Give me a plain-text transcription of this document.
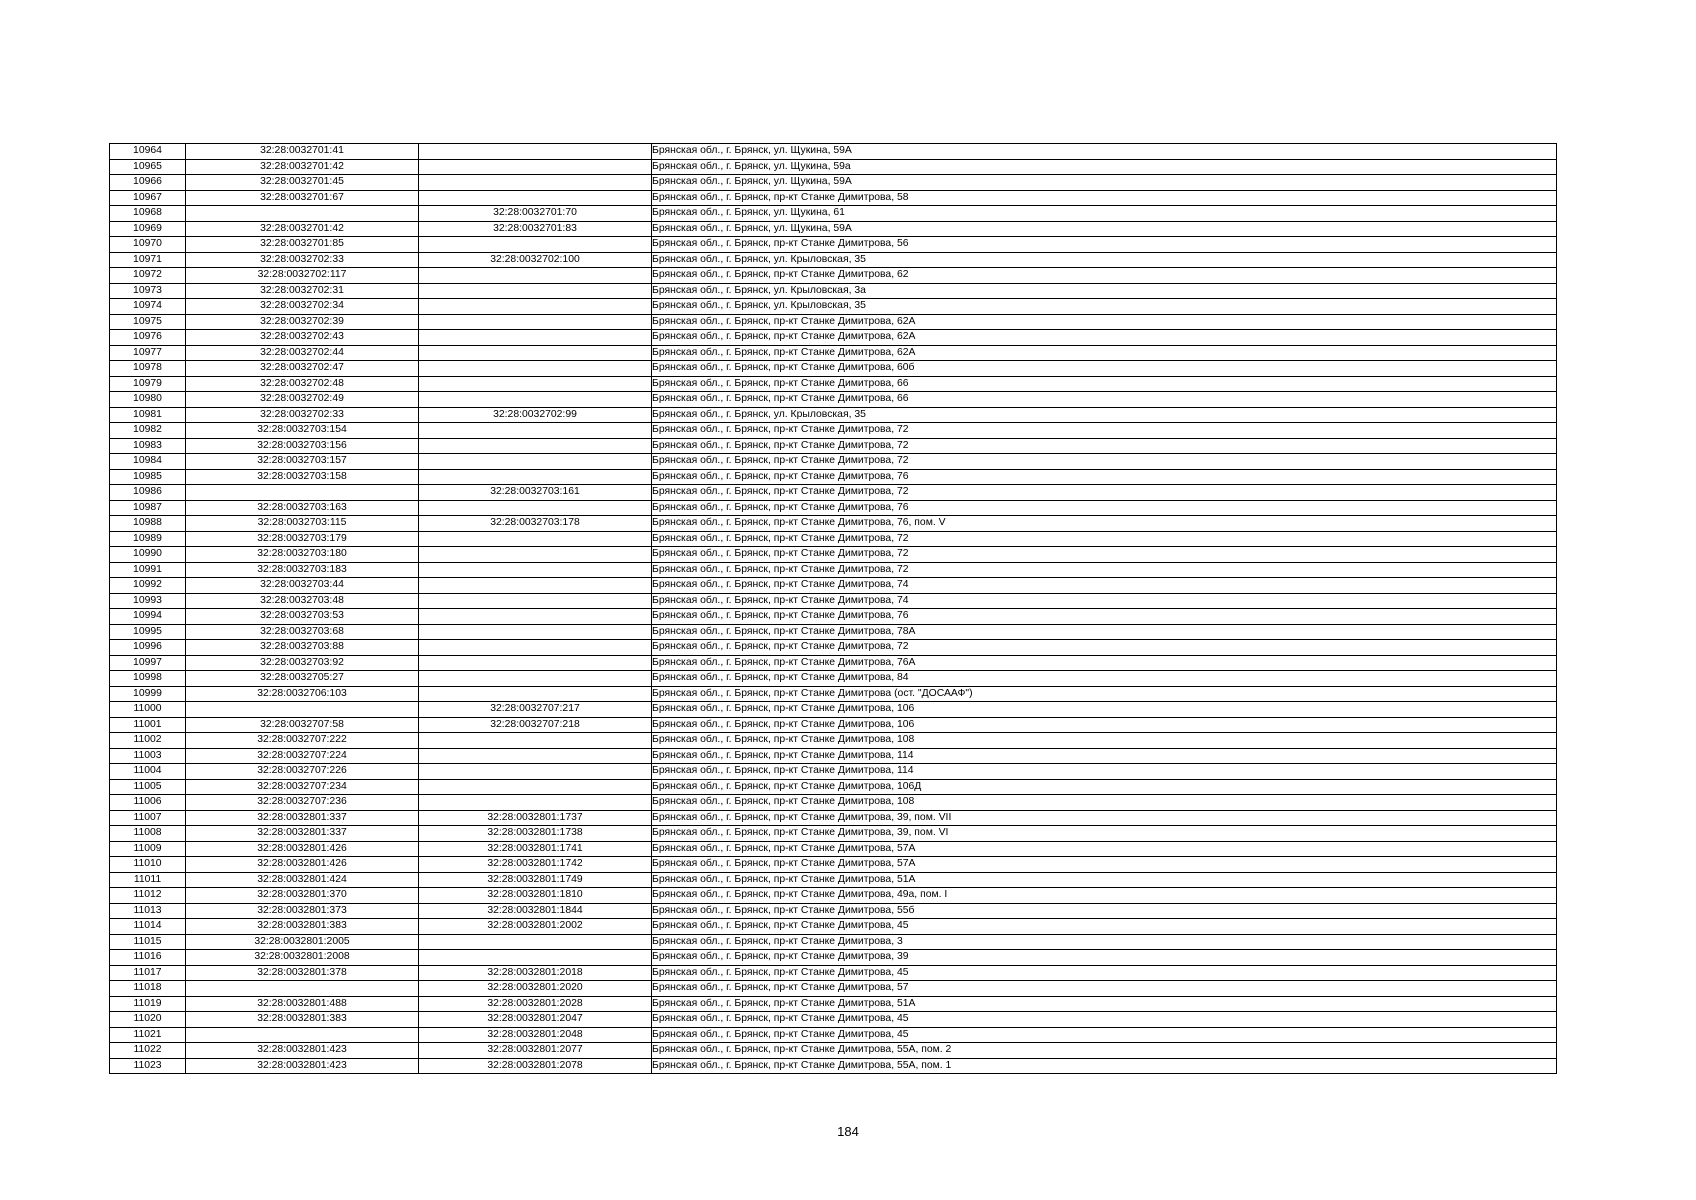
10964	32:28:0032701:41		Брянская обл., г. Брянск, ул. Щукина, 59А
10965	32:28:0032701:42		Брянская обл., г. Брянск, ул. Щукина, 59а
10966	32:28:0032701:45		Брянская обл., г. Брянск, ул. Щукина, 59А
10967	32:28:0032701:67		Брянская обл., г. Брянск, пр-кт Станке Димитрова, 58
10968		32:28:0032701:70	Брянская обл., г. Брянск, ул. Щукина, 61
10969	32:28:0032701:42	32:28:0032701:83	Брянская обл., г. Брянск, ул. Щукина, 59А
10970	32:28:0032701:85		Брянская обл., г. Брянск, пр-кт Станке Димитрова, 56
10971	32:28:0032702:33	32:28:0032702:100	Брянская обл., г. Брянск, ул. Крыловская, 35
10972	32:28:0032702:117		Брянская обл., г. Брянск, пр-кт Станке Димитрова, 62
10973	32:28:0032702:31		Брянская обл., г. Брянск, ул. Крыловская, 3а
10974	32:28:0032702:34		Брянская обл., г. Брянск, ул. Крыловская, 35
10975	32:28:0032702:39		Брянская обл., г. Брянск, пр-кт Станке Димитрова, 62А
10976	32:28:0032702:43		Брянская обл., г. Брянск, пр-кт Станке Димитрова, 62А
10977	32:28:0032702:44		Брянская обл., г. Брянск, пр-кт Станке Димитрова, 62А
10978	32:28:0032702:47		Брянская обл., г. Брянск, пр-кт Станке Димитрова, 60б
10979	32:28:0032702:48		Брянская обл., г. Брянск, пр-кт Станке Димитрова, 66
10980	32:28:0032702:49		Брянская обл., г. Брянск, пр-кт Станке Димитрова, 66
10981	32:28:0032702:33	32:28:0032702:99	Брянская обл., г. Брянск, ул. Крыловская, 35
10982	32:28:0032703:154		Брянская обл., г. Брянск, пр-кт Станке Димитрова, 72
10983	32:28:0032703:156		Брянская обл., г. Брянск, пр-кт Станке Димитрова, 72
10984	32:28:0032703:157		Брянская обл., г. Брянск, пр-кт Станке Димитрова, 72
10985	32:28:0032703:158		Брянская обл., г. Брянск, пр-кт Станке Димитрова, 76
10986		32:28:0032703:161	Брянская обл., г. Брянск, пр-кт Станке Димитрова, 72
10987	32:28:0032703:163		Брянская обл., г. Брянск, пр-кт Станке Димитрова, 76
10988	32:28:0032703:115	32:28:0032703:178	Брянская обл., г. Брянск, пр-кт Станке Димитрова, 76, пом. V
10989	32:28:0032703:179		Брянская обл., г. Брянск, пр-кт Станке Димитрова, 72
10990	32:28:0032703:180		Брянская обл., г. Брянск, пр-кт Станке Димитрова, 72
10991	32:28:0032703:183		Брянская обл., г. Брянск, пр-кт Станке Димитрова, 72
10992	32:28:0032703:44		Брянская обл., г. Брянск, пр-кт Станке Димитрова, 74
10993	32:28:0032703:48		Брянская обл., г. Брянск, пр-кт Станке Димитрова, 74
10994	32:28:0032703:53		Брянская обл., г. Брянск, пр-кт Станке Димитрова, 76
10995	32:28:0032703:68		Брянская обл., г. Брянск, пр-кт Станке Димитрова, 78А
10996	32:28:0032703:88		Брянская обл., г. Брянск, пр-кт Станке Димитрова, 72
10997	32:28:0032703:92		Брянская обл., г. Брянск, пр-кт Станке Димитрова, 76А
10998	32:28:0032705:27		Брянская обл., г. Брянск, пр-кт Станке Димитрова, 84
10999	32:28:0032706:103		Брянская обл., г. Брянск, пр-кт Станке Димитрова (ост. "ДОСААФ")
11000		32:28:0032707:217	Брянская обл., г. Брянск, пр-кт Станке Димитрова, 106
11001	32:28:0032707:58	32:28:0032707:218	Брянская обл., г. Брянск, пр-кт Станке Димитрова, 106
11002	32:28:0032707:222		Брянская обл., г. Брянск, пр-кт Станке Димитрова, 108
11003	32:28:0032707:224		Брянская обл., г. Брянск, пр-кт Станке Димитрова, 114
11004	32:28:0032707:226		Брянская обл., г. Брянск, пр-кт Станке Димитрова, 114
11005	32:28:0032707:234		Брянская обл., г. Брянск, пр-кт Станке Димитрова, 106Д
11006	32:28:0032707:236		Брянская обл., г. Брянск, пр-кт Станке Димитрова, 108
11007	32:28:0032801:337	32:28:0032801:1737	Брянская обл., г. Брянск, пр-кт Станке Димитрова, 39, пом. VII
11008	32:28:0032801:337	32:28:0032801:1738	Брянская обл., г. Брянск, пр-кт Станке Димитрова, 39, пом. VI
11009	32:28:0032801:426	32:28:0032801:1741	Брянская обл., г. Брянск, пр-кт Станке Димитрова, 57А
11010	32:28:0032801:426	32:28:0032801:1742	Брянская обл., г. Брянск, пр-кт Станке Димитрова, 57А
11011	32:28:0032801:424	32:28:0032801:1749	Брянская обл., г. Брянск, пр-кт Станке Димитрова, 51А
11012	32:28:0032801:370	32:28:0032801:1810	Брянская обл., г. Брянск, пр-кт Станке Димитрова, 49а, пом. I
11013	32:28:0032801:373	32:28:0032801:1844	Брянская обл., г. Брянск, пр-кт Станке Димитрова, 55б
11014	32:28:0032801:383	32:28:0032801:2002	Брянская обл., г. Брянск, пр-кт Станке Димитрова, 45
11015	32:28:0032801:2005		Брянская обл., г. Брянск, пр-кт Станке Димитрова, 3
11016	32:28:0032801:2008		Брянская обл., г. Брянск, пр-кт Станке Димитрова, 39
11017	32:28:0032801:378	32:28:0032801:2018	Брянская обл., г. Брянск, пр-кт Станке Димитрова, 45
11018		32:28:0032801:2020	Брянская обл., г. Брянск, пр-кт Станке Димитрова, 57
11019	32:28:0032801:488	32:28:0032801:2028	Брянская обл., г. Брянск, пр-кт Станке Димитрова, 51А
11020	32:28:0032801:383	32:28:0032801:2047	Брянская обл., г. Брянск, пр-кт Станке Димитрова, 45
11021		32:28:0032801:2048	Брянская обл., г. Брянск, пр-кт Станке Димитрова, 45
11022	32:28:0032801:423	32:28:0032801:2077	Брянская обл., г. Брянск, пр-кт Станке Димитрова, 55А, пом. 2
11023	32:28:0032801:423	32:28:0032801:2078	Брянская обл., г. Брянск, пр-кт Станке Димитрова, 55А, пом. 1
184
